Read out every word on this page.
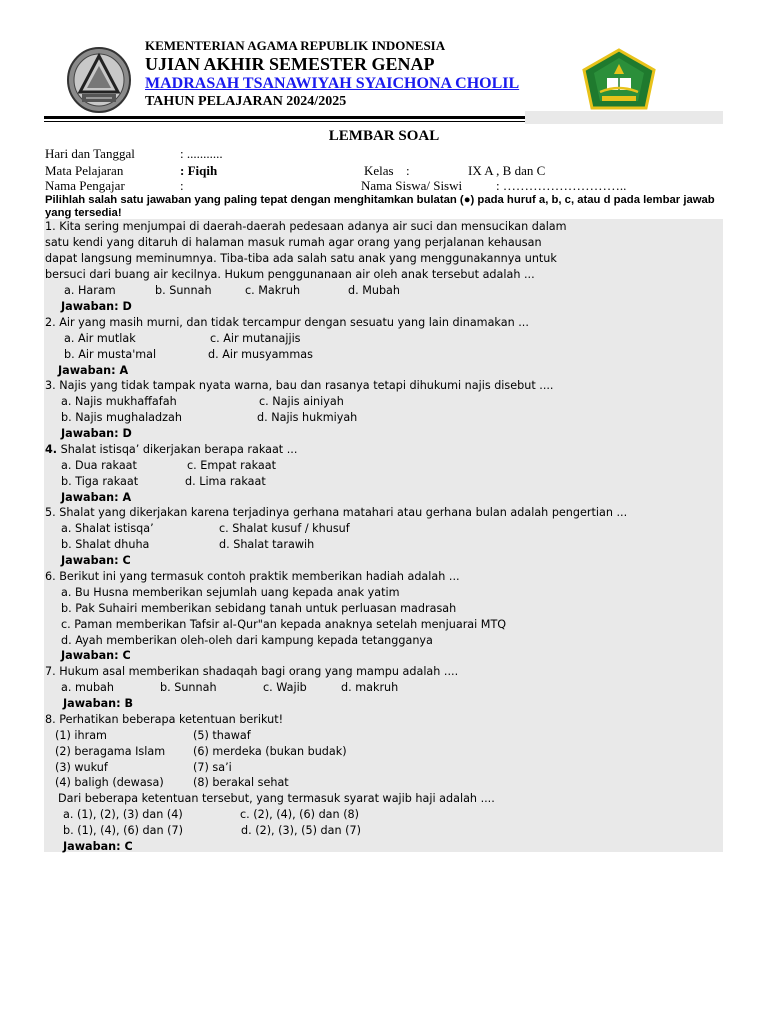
KEMENTERIAN AGAMA REPUBLIK INDONESIA
UJIAN AKHIR SEMESTER GENAP
MADRASAH TSANAWIYAH SYAICHONA CHOLIL
TAHUN PELAJARAN 2024/2025
LEMBAR SOAL
Hari dan Tanggal	: ...........
Mata Pelajaran	: Fiqih	Kelas :	IX A , B dan C
Nama Pengajar	:	Nama Siswa/ Siswi	: ………………………..
Pilihlah salah satu jawaban yang paling tepat dengan menghitamkan bulatan (●) pada huruf a, b, c, atau d pada lembar jawab yang tersedia!
1. Kita sering menjumpai di daerah-daerah pedesaan adanya air suci dan mensucikan dalam
satu kendi yang ditaruh di halaman masuk rumah agar orang yang perjalanan kehausan
dapat langsung meminumnya. Tiba-tiba ada salah satu anak yang menggunakannya untuk
bersuci dari buang air kecilnya. Hukum penggunanaan air oleh anak tersebut adalah ...
a. Haram	b. Sunnah	c. Makruh	d. Mubah
Jawaban: D
2. Air yang masih murni, dan tidak tercampur dengan sesuatu yang lain dinamakan ...
a. Air mutlak	c. Air mutanajjis
b. Air musta'mal	d. Air musyammas
Jawaban: A
3. Najis yang tidak tampak nyata warna, bau dan rasanya tetapi dihukumi najis disebut ....
a. Najis mukhaffafah	c. Najis ainiyah
b. Najis mughaladzah	d. Najis hukmiyah
Jawaban: D
4. Shalat istisqa’ dikerjakan berapa rakaat ...
a. Dua rakaat	c. Empat rakaat
b. Tiga rakaat	d. Lima rakaat
Jawaban: A
5. Shalat yang dikerjakan karena terjadinya gerhana matahari atau gerhana bulan adalah pengertian ...
a. Shalat istisqa’	c. Shalat kusuf / khusuf
b. Shalat dhuha	d. Shalat tarawih
Jawaban: C
6. Berikut ini yang termasuk contoh praktik memberikan hadiah adalah ...
a. Bu Husna memberikan sejumlah uang kepada anak yatim
b. Pak Suhairi memberikan sebidang tanah untuk perluasan madrasah
c. Paman memberikan Tafsir al-Qur"an kepada anaknya setelah menjuarai MTQ
d. Ayah memberikan oleh-oleh dari kampung kepada tetangganya
Jawaban: C
7. Hukum asal memberikan shadaqah bagi orang yang mampu adalah ....
a. mubah	b. Sunnah	c. Wajib	d. makruh
Jawaban: B
8. Perhatikan beberapa ketentuan berikut!
(1) ihram	(5) thawaf
(2) beragama Islam (6) merdeka (bukan budak)
(3) wukuf	(7) sa’i
(4) baligh (dewasa)	(8) berakal sehat
Dari beberapa ketentuan tersebut, yang termasuk syarat wajib haji adalah ....
a. (1), (2), (3) dan (4)	c. (2), (4), (6) dan (8)
b. (1), (4), (6) dan (7)	d. (2), (3), (5) dan (7)
Jawaban: C
